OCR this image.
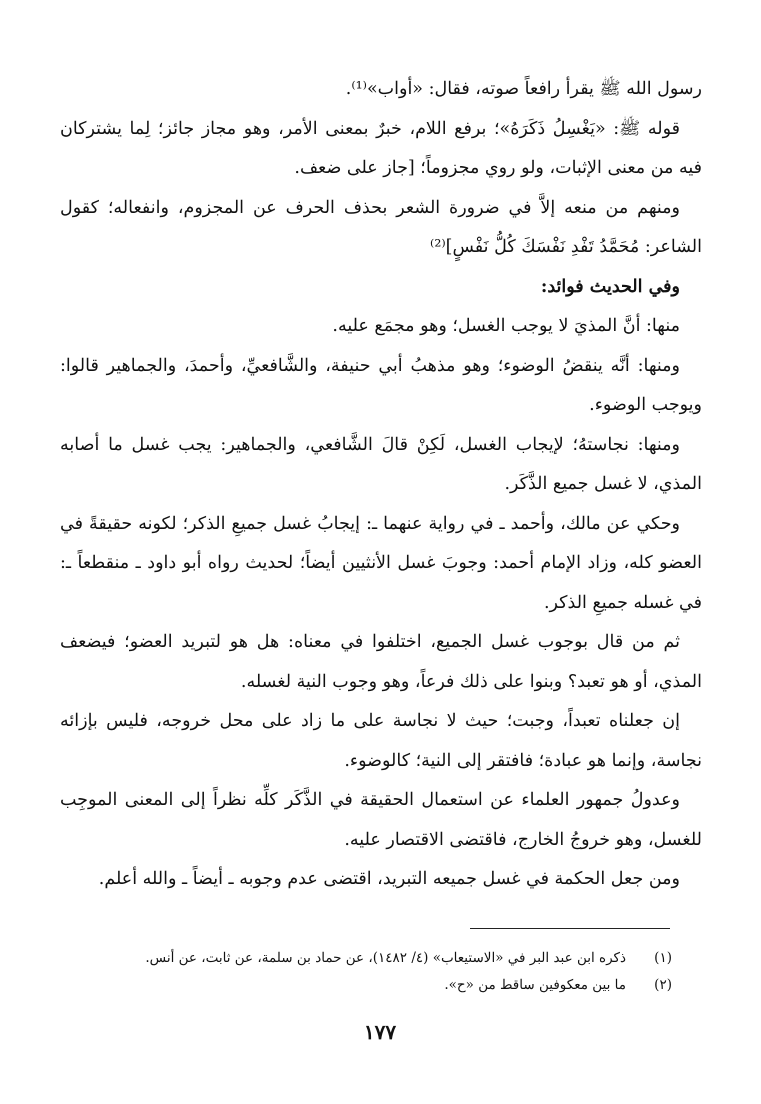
رسول الله ﷺ يقرأ رافعاً صوته، فقال: «أواب»⁽¹⁾.

قوله ﷺ: «يَغْسِلُ ذَكَرَهُ»؛ برفع اللام، خبرٌ بمعنى الأمر، وهو مجاز جائز؛ لِما يشتركان فيه من معنى الإثبات، ولو روي مجزوماً؛ [جاز على ضعف.

ومنهم من منعه إلاَّ في ضرورة الشعر بحذف الحرف عن المجزوم، وانفعاله؛ كقول الشاعر: مُحَمَّدُ تَفْدِ نَفْسَكَ كُلُّ نَفْسٍ]⁽²⁾

وفي الحديث فوائد:

منها: أنَّ المذيَ لا يوجب الغسل؛ وهو مجمَع عليه.

ومنها: أنَّه ينقضُ الوضوء؛ وهو مذهبُ أبي حنيفة، والشَّافعيِّ، وأحمدَ، والجماهير قالوا: ويوجب الوضوء.

ومنها: نجاستهُ؛ لإيجاب الغسل، لَكِنْ قالَ الشَّافعي، والجماهير: يجب غسل ما أصابه المذي، لا غسل جميع الذَّكَر.

وحكي عن مالك، وأحمد ـ في رواية عنهما ـ: إيجابُ غسل جميعِ الذكر؛ لكونه حقيقةً في العضو كله، وزاد الإمام أحمد: وجوبَ غسل الأنثيين أيضاً؛ لحديث رواه أبو داود ـ منقطعاً ـ: في غسله جميعِ الذكر.

ثم من قال بوجوب غسل الجميع، اختلفوا في معناه: هل هو لتبريد العضو؛ فيضعف المذي، أو هو تعبد؟ وبنوا على ذلك فرعاً، وهو وجوب النية لغسله.

إن جعلناه تعبداً، وجبت؛ حيث لا نجاسة على ما زاد على محل خروجه، فليس بإزائه نجاسة، وإنما هو عبادة؛ فافتقر إلى النية؛ كالوضوء.

وعدولُ جمهور العلماء عن استعمال الحقيقة في الذَّكَر كلِّه نظراً إلى المعنى الموجِب للغسل، وهو خروجُ الخارج، فاقتضى الاقتصار عليه.

ومن جعل الحكمة في غسل جميعه التبريد، اقتضى عدم وجوبه ـ أيضاً ـ والله أعلم.

(١)
ذكره ابن عبد البر في «الاستيعاب» (٤/ ١٤٨٢)، عن حماد بن سلمة، عن ثابت، عن أنس.
(٢)
ما بين معكوفين ساقط من «ح».
١٧٧
